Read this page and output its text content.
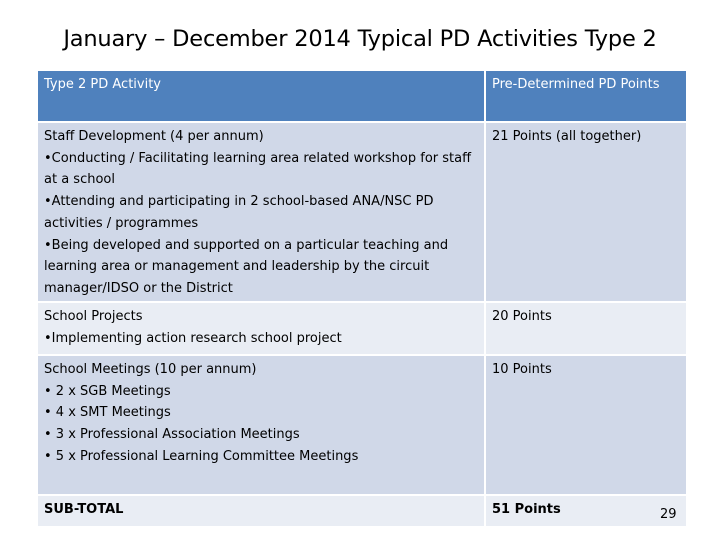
January – December 2014 Typical PD Activities Type 2
Type 2 PD Activity	Pre-Determined PD Points

Staff Development (4 per annum)
•Conducting / Facilitating learning area related workshop for staff at a school
•Attending and participating in 2 school-based ANA/NSC PD activities / programmes
•Being developed and supported on a particular teaching and learning area or management and leadership by the circuit manager/IDSO or the District	21 Points (all together)

School Projects
•Implementing action research school project	20 Points

School Meetings (10 per annum)
• 2 x SGB Meetings
• 4 x SMT Meetings
• 3 x Professional Association Meetings
• 5 x Professional Learning Committee Meetings	10 Points
SUB-TOTAL	51 Points	29
